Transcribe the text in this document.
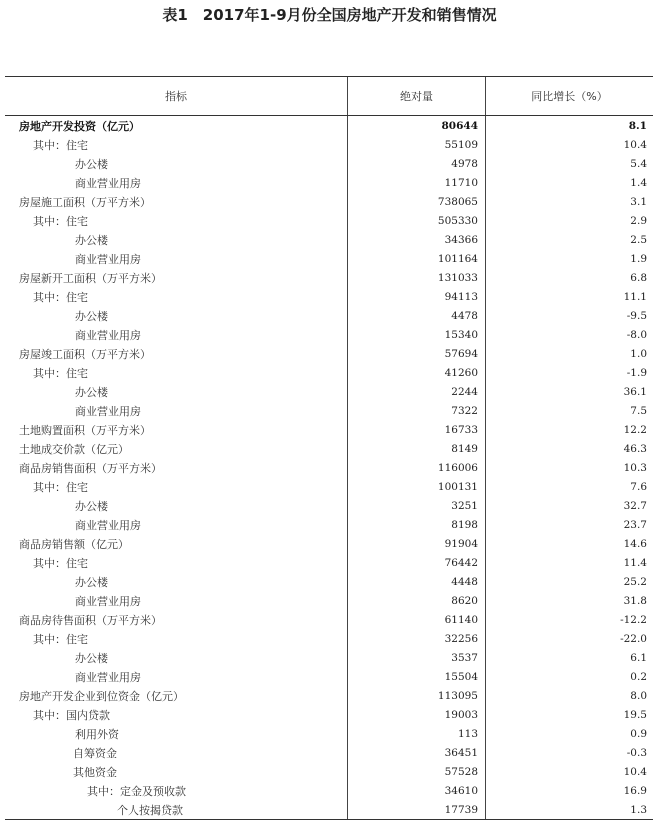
表1　2017年1-9月份全国房地产开发和销售情况
指标	绝对量	同比增长（%）
房地产开发投资（亿元）	80644	8.1
其中：住宅	55109	10.4
办公楼	4978	5.4
商业营业用房	11710	1.4
房屋施工面积（万平方米）	738065	3.1
其中：住宅	505330	2.9
办公楼	34366	2.5
商业营业用房	101164	1.9
房屋新开工面积（万平方米）	131033	6.8
其中：住宅	94113	11.1
办公楼	4478	-9.5
商业营业用房	15340	-8.0
房屋竣工面积（万平方米）	57694	1.0
其中：住宅	41260	-1.9
办公楼	2244	36.1
商业营业用房	7322	7.5
土地购置面积（万平方米）	16733	12.2
土地成交价款（亿元）	8149	46.3
商品房销售面积（万平方米）	116006	10.3
其中：住宅	100131	7.6
办公楼	3251	32.7
商业营业用房	8198	23.7
商品房销售额（亿元）	91904	14.6
其中：住宅	76442	11.4
办公楼	4448	25.2
商业营业用房	8620	31.8
商品房待售面积（万平方米）	61140	-12.2
其中：住宅	32256	-22.0
办公楼	3537	6.1
商业营业用房	15504	0.2
房地产开发企业到位资金（亿元）	113095	8.0
其中：国内贷款	19003	19.5
利用外资	113	0.9
自筹资金	36451	-0.3
其他资金	57528	10.4
其中：定金及预收款	34610	16.9
个人按揭贷款	17739	1.3
